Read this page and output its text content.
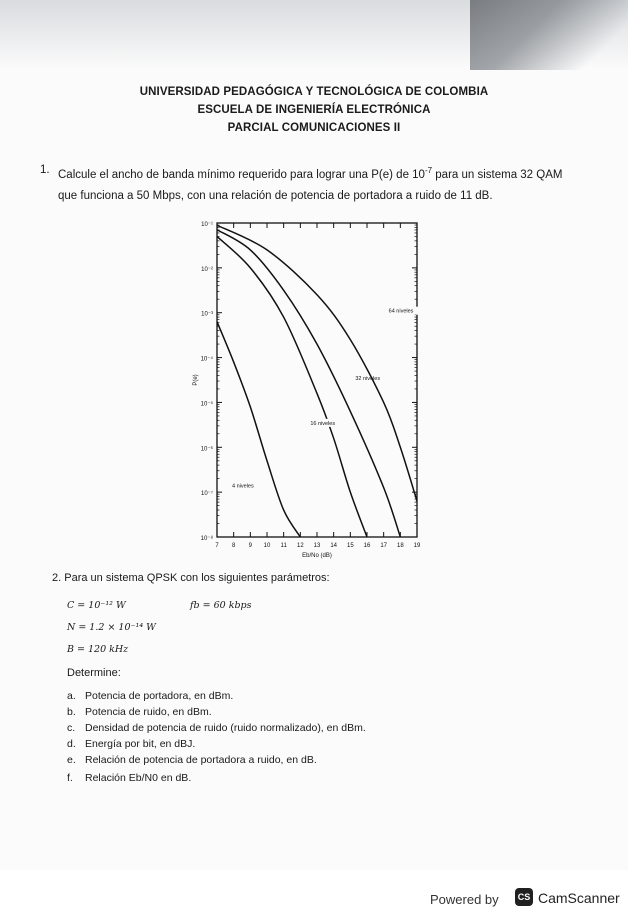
UNIVERSIDAD PEDAGÓGICA Y TECNOLÓGICA DE COLOMBIA
ESCUELA DE INGENIERÍA ELECTRÓNICA
PARCIAL COMUNICACIONES II
1. Calcule el ancho de banda mínimo requerido para lograr una P(e) de $10^{-7}$ para un sistema 32 QAM
que funciona a 50 Mbps, con una relación de potencia de portadora a ruido de 11 dB.
10⁻¹
10⁻²
10⁻³
10⁻⁴
10⁻⁵
10⁻⁶
10⁻⁷
10⁻⁸
7 8 9 10 11 12 13 14 15 16 17 18 19
Eb/No (dB)
P(e)
4 niveles
16 niveles
32 niveles
64 niveles
2. Para un sistema QPSK con los siguientes parámetros:
C = 10⁻¹² W	fb = 60 kbps
N = 1.2 × 10⁻¹⁴ W
B = 120 kHz
Determine:
a. Potencia de portadora, en dBm.
b. Potencia de ruido, en dBm.
c. Densidad de potencia de ruido (ruido normalizado), en dBm.
d. Energía por bit, en dBJ.
e. Relación de potencia de portadora a ruido, en dB.
f. Relación Eb/N0 en dB.
Powered by	CS CamScanner
